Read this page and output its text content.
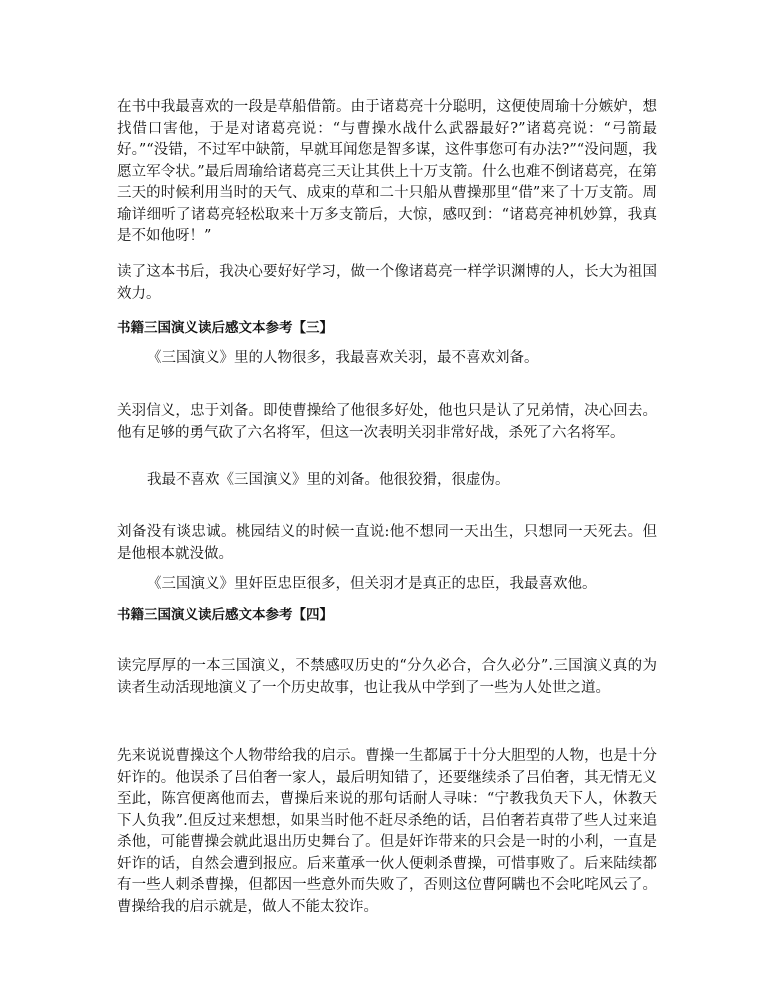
在书中我最喜欢的一段是草船借箭。由于诸葛亮十分聪明，这便使周瑜十分嫉妒，想找借口害他，于是对诸葛亮说：“与曹操水战什么武器最好?”诸葛亮说：“弓箭最好。”“没错，不过军中缺箭，早就耳闻您是智多谋，这件事您可有办法?”“没问题，我愿立军令状。”最后周瑜给诸葛亮三天让其供上十万支箭。什么也难不倒诸葛亮，在第三天的时候利用当时的天气、成束的草和二十只船从曹操那里“借”来了十万支箭。周瑜详细听了诸葛亮轻松取来十万多支箭后，大惊，感叹到：“诸葛亮神机妙算，我真是不如他呀！”

读了这本书后，我决心要好好学习，做一个像诸葛亮一样学识渊博的人，长大为祖国效力。

书籍三国演义读后感文本参考【三】

《三国演义》里的人物很多，我最喜欢关羽，最不喜欢刘备。

关羽信义，忠于刘备。即使曹操给了他很多好处，他也只是认了兄弟情，决心回去。他有足够的勇气砍了六名将军，但这一次表明关羽非常好战，杀死了六名将军。

我最不喜欢《三国演义》里的刘备。他很狡猾，很虚伪。

刘备没有谈忠诚。桃园结义的时候一直说:他不想同一天出生，只想同一天死去。但是他根本就没做。

《三国演义》里奸臣忠臣很多，但关羽才是真正的忠臣，我最喜欢他。

书籍三国演义读后感文本参考【四】

读完厚厚的一本三国演义，不禁感叹历史的“分久必合，合久必分”.三国演义真的为读者生动活现地演义了一个历史故事，也让我从中学到了一些为人处世之道。

先来说说曹操这个人物带给我的启示。曹操一生都属于十分大胆型的人物，也是十分奸诈的。他误杀了吕伯奢一家人，最后明知错了，还要继续杀了吕伯奢，其无情无义至此，陈宫便离他而去，曹操后来说的那句话耐人寻味：“宁教我负天下人，休教天下人负我”.但反过来想想，如果当时他不赶尽杀绝的话，吕伯奢若真带了些人过来追杀他，可能曹操会就此退出历史舞台了。但是奸诈带来的只会是一时的小利，一直是奸诈的话，自然会遭到报应。后来董承一伙人便刺杀曹操，可惜事败了。后来陆续都有一些人刺杀曹操，但都因一些意外而失败了，否则这位曹阿瞒也不会叱咤风云了。曹操给我的启示就是，做人不能太狡诈。
